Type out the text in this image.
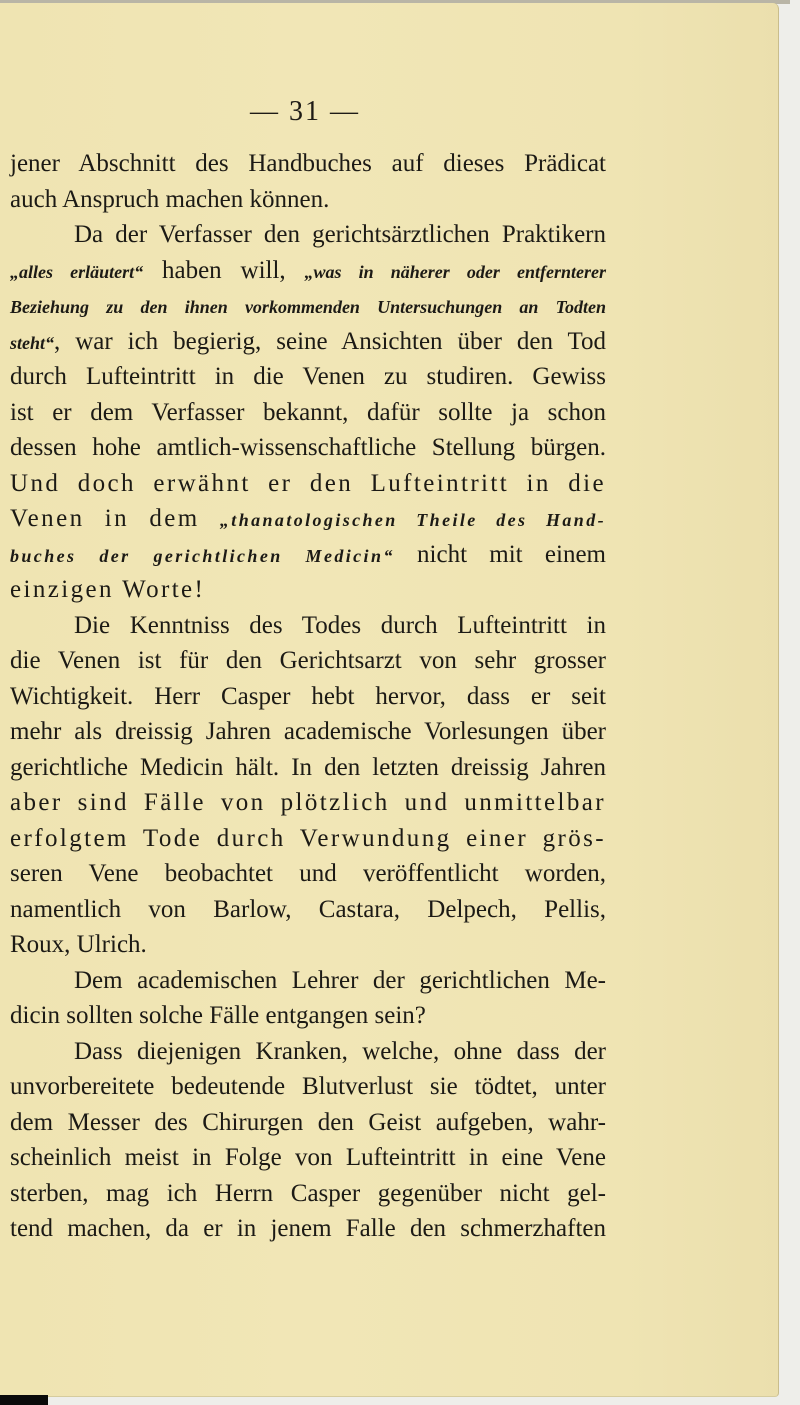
— 31 —
jener Abschnitt des Handbuches auf dieses Prädicat
auch Anspruch machen können.
Da der Verfasser den gerichtsärztlichen Praktikern
„alles erläutert“ haben will, „was in näherer oder entfernterer
Beziehung zu den ihnen vorkommenden Untersuchungen an Todten
steht“, war ich begierig, seine Ansichten über den Tod
durch Lufteintritt in die Venen zu studiren. Gewiss
ist er dem Verfasser bekannt, dafür sollte ja schon
dessen hohe amtlich-wissenschaftliche Stellung bürgen.
Und doch erwähnt er den Lufteintritt in die
Venen in dem „thanatologischen Theile des Hand-
buches der gerichtlichen Medicin“ nicht mit einem
einzigen Worte!
Die Kenntniss des Todes durch Lufteintritt in
die Venen ist für den Gerichtsarzt von sehr grosser
Wichtigkeit. Herr Casper hebt hervor, dass er seit
mehr als dreissig Jahren academische Vorlesungen über
gerichtliche Medicin hält. In den letzten dreissig Jahren
aber sind Fälle von plötzlich und unmittelbar
erfolgtem Tode durch Verwundung einer grös-
seren Vene beobachtet und veröffentlicht worden,
namentlich von Barlow, Castara, Delpech, Pellis,
Roux, Ulrich.
Dem academischen Lehrer der gerichtlichen Me-
dicin sollten solche Fälle entgangen sein?
Dass diejenigen Kranken, welche, ohne dass der
unvorbereitete bedeutende Blutverlust sie tödtet, unter
dem Messer des Chirurgen den Geist aufgeben, wahr-
scheinlich meist in Folge von Lufteintritt in eine Vene
sterben, mag ich Herrn Casper gegenüber nicht gel-
tend machen, da er in jenem Falle den schmerzhaften
